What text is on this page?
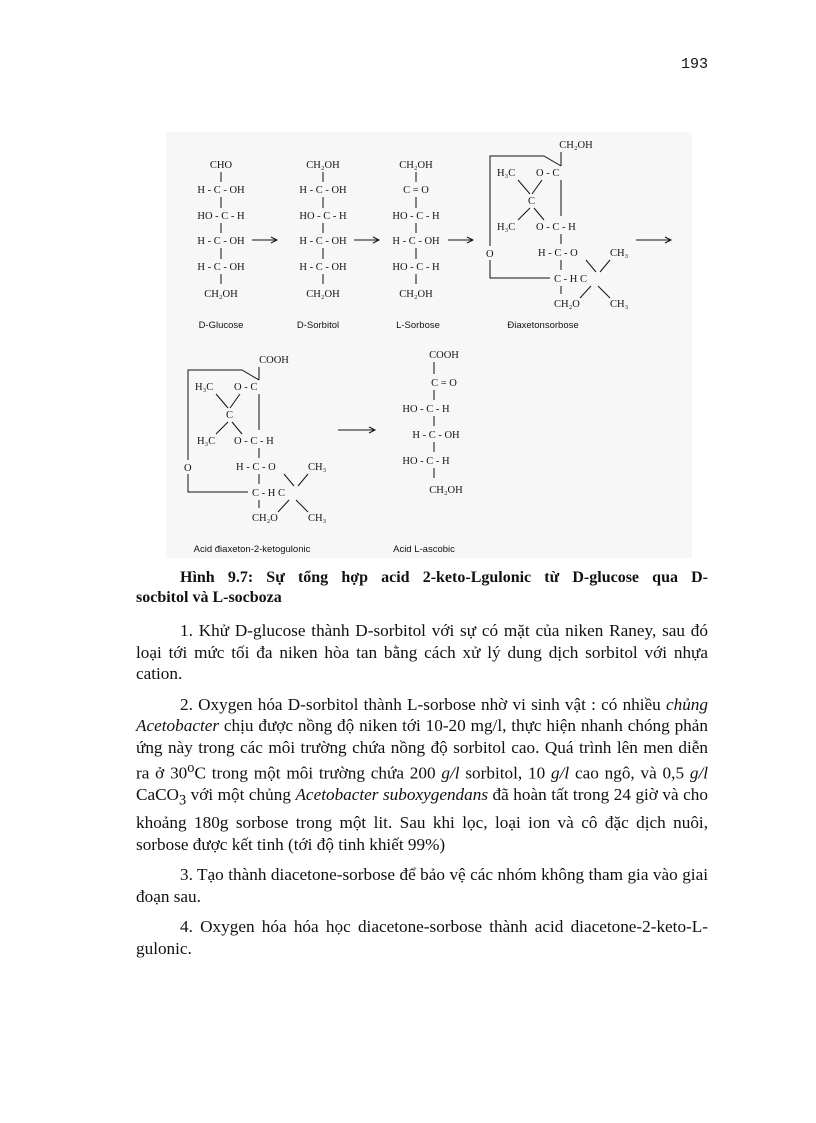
193
CHO
H - C - OH
HO - C - H
H - C - OH
H - C - OH
CH₂OH
D-Glucose
CH₂OH
H - C - OH
HO - C - H
H - C - OH
H - C - OH
CH₂OH
D-Sorbitol
CH₂OH
C = O
HO - C - H
H - C - OH
HO - C - H
CH₂OH
L-Sorbose
CH₂OH
H₃C O - C
C
H₃C O - C - H
O	H - C - O	CH₃
C - H C
CH₂O	CH₃
Điaxetonsorbose
COOH
H₃C O - C
C
H₃C O - C - H
O	H - C - O	CH₃
C - H C
CH₂O	CH₃
Acid điaxeton-2-ketogulonic
COOH
C = O
HO - C - H
H - C - OH
HO - C - H
CH₂OH
Acid L-ascobic
Hình 9.7: Sự tổng hợp acid 2-keto-Lgulonic từ D-glucose qua D-
socbitol và L-socboza

1. Khử D-glucose thành D-sorbitol với sự có mặt của niken Raney, sau đó loại tới mức tối đa niken hòa tan bằng cách xử lý dung dịch sorbitol với nhựa cation.

2. Oxygen hóa D-sorbitol thành L-sorbose nhờ vi sinh vật : có nhiều chủng Acetobacter chịu được nồng độ niken tới 10-20 mg/l, thực hiện nhanh chóng phản ứng này trong các môi trường chứa nồng độ sorbitol cao. Quá trình lên men diễn ra ở 30$^o$C trong một môi trường chứa 200 g/l sorbitol, 10 g/l cao ngô, và 0,5 g/l CaCO$_3$ với một chủng Acetobacter suboxygendans đã hoàn tất trong 24 giờ và cho khoảng 180g sorbose trong một lit. Sau khi lọc, loại ion và cô đặc dịch nuôi, sorbose được kết tinh (tới độ tinh khiết 99%)

3. Tạo thành diacetone-sorbose để bảo vệ các nhóm không tham gia vào giai đoạn sau.

4. Oxygen hóa hóa học diacetone-sorbose thành acid diacetone-2-keto-L-gulonic.
